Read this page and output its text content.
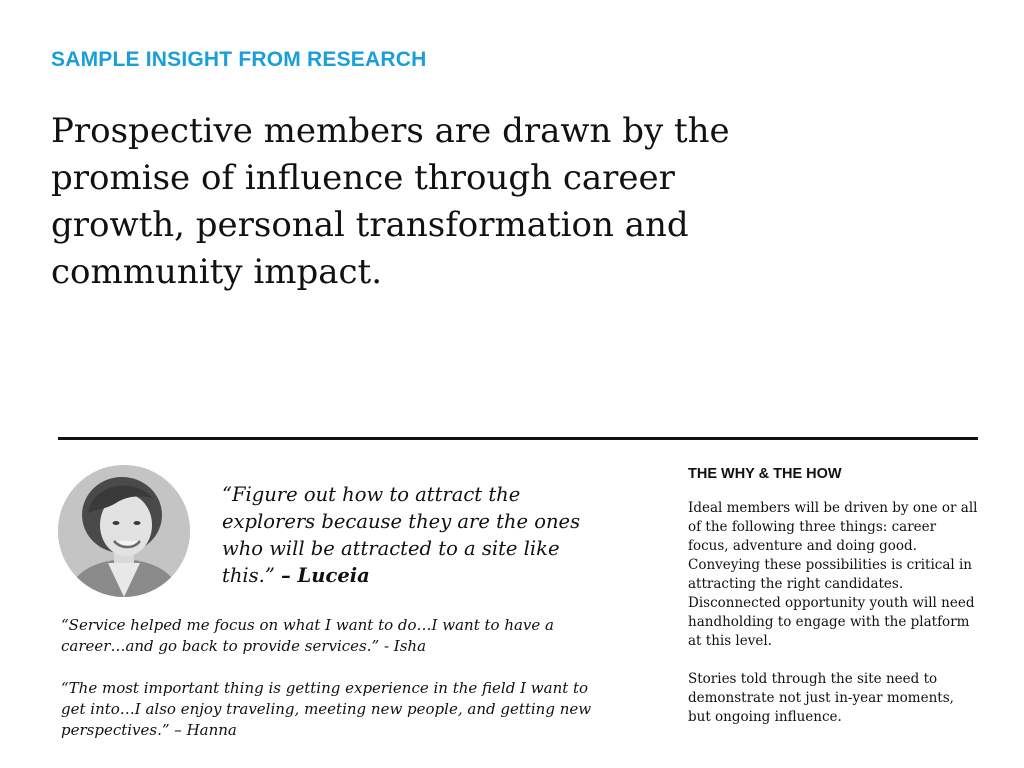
SAMPLE INSIGHT FROM RESEARCH
Prospective members are drawn by the promise of influence through career growth, personal transformation and community impact.
“Figure out how to attract the explorers because they are the ones who will be attracted to a site like this.” – Luceia
“Service helped me focus on what I want to do…I want to have a career…and go back to provide services.” - Isha
“The most important thing is getting experience in the field I want to get into…I also enjoy traveling, meeting new people, and getting new perspectives.” – Hanna
THE WHY & THE HOW

Ideal members will be driven by one or all of the following three things: career focus, adventure and doing good. Conveying these possibilities is critical in attracting the right candidates. Disconnected opportunity youth will need handholding to engage with the platform at this level.

Stories told through the site need to demonstrate not just in-year moments, but ongoing influence.
